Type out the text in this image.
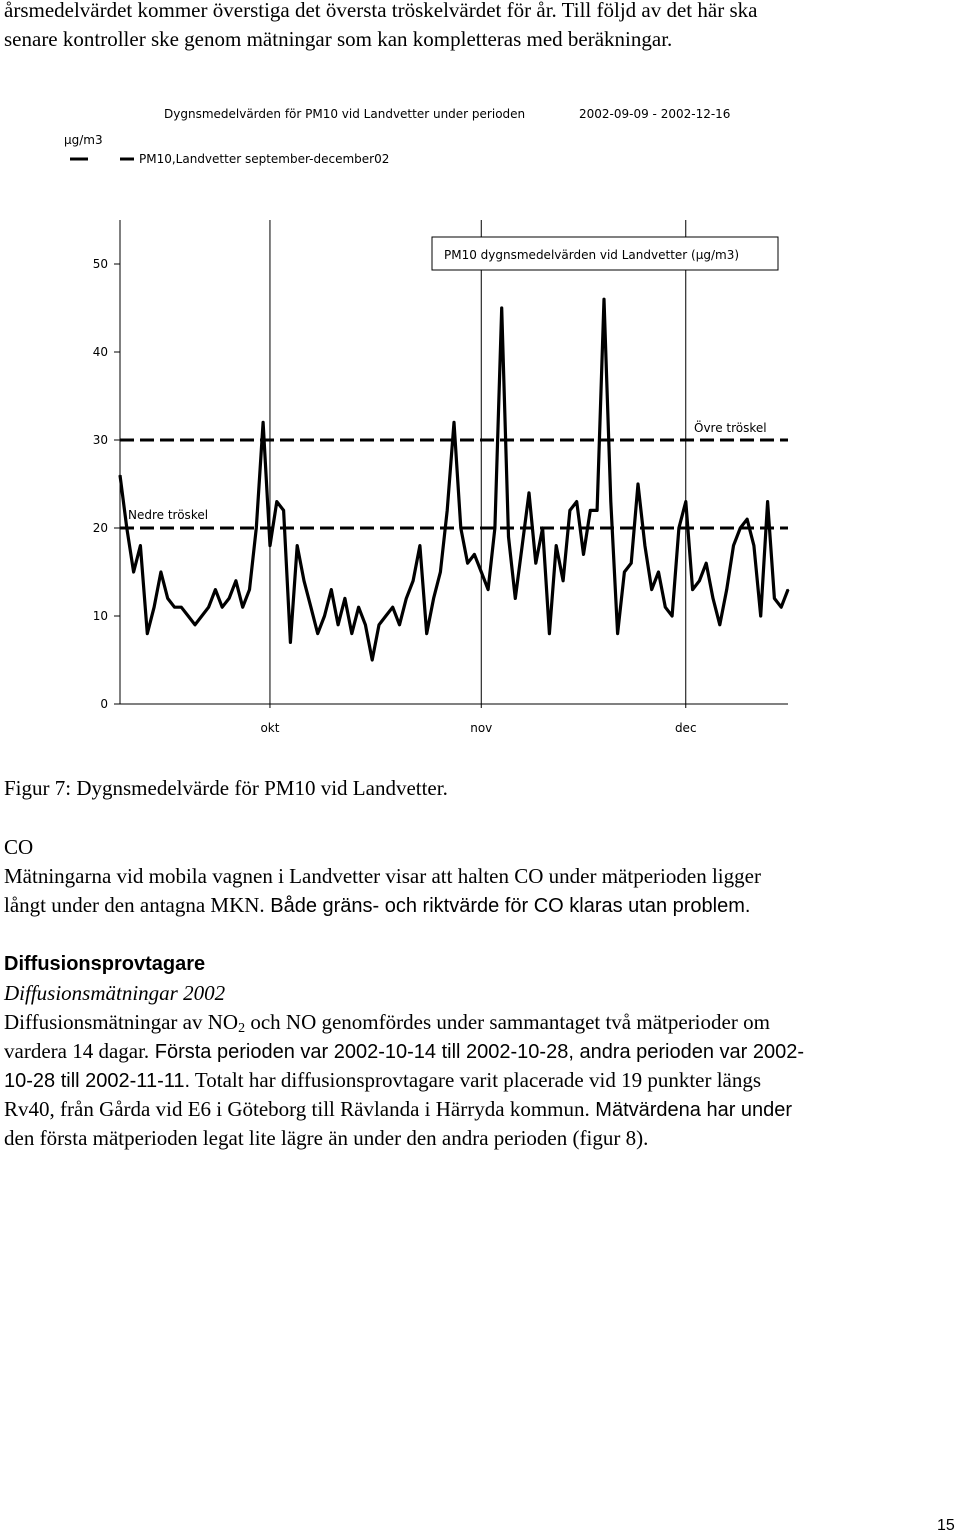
årsmedelvärdet kommer överstiga det översta tröskelvärdet för år. Till följd av det här ska

senare kontroller ske genom mätningar som kan kompletteras med beräkningar.

Dygnsmedelvärden för PM10 vid Landvetter under perioden	2002-09-09 - 2002-12-16
µg/m3
PM10,Landvetter september-december02
0
10
20
30
40
50
okt	nov	dec
Övre tröskel
Nedre tröskel
PM10 dygnsmedelvärden vid Landvetter (µg/m3)

Figur 7: Dygnsmedelvärde för PM10 vid Landvetter.

CO

Mätningarna vid mobila vagnen i Landvetter visar att halten CO under mätperioden ligger

långt under den antagna MKN. Både gräns- och riktvärde för CO klaras utan problem.

Diffusionsprovtagare

Diffusionsmätningar 2002

Diffusionsmätningar av $NO_2$ och NO genomfördes under sammantaget två mätperioder om

vardera 14 dagar. Första perioden var 2002-10-14 till 2002-10-28, andra perioden var 2002-

10-28 till 2002-11-11. Totalt har diffusionsprovtagare varit placerade vid 19 punkter längs

Rv40, från Gårda vid E6 i Göteborg till Rävlanda i Härryda kommun. Mätvärdena har under

den första mätperioden legat lite lägre än under den andra perioden (figur 8).

15
